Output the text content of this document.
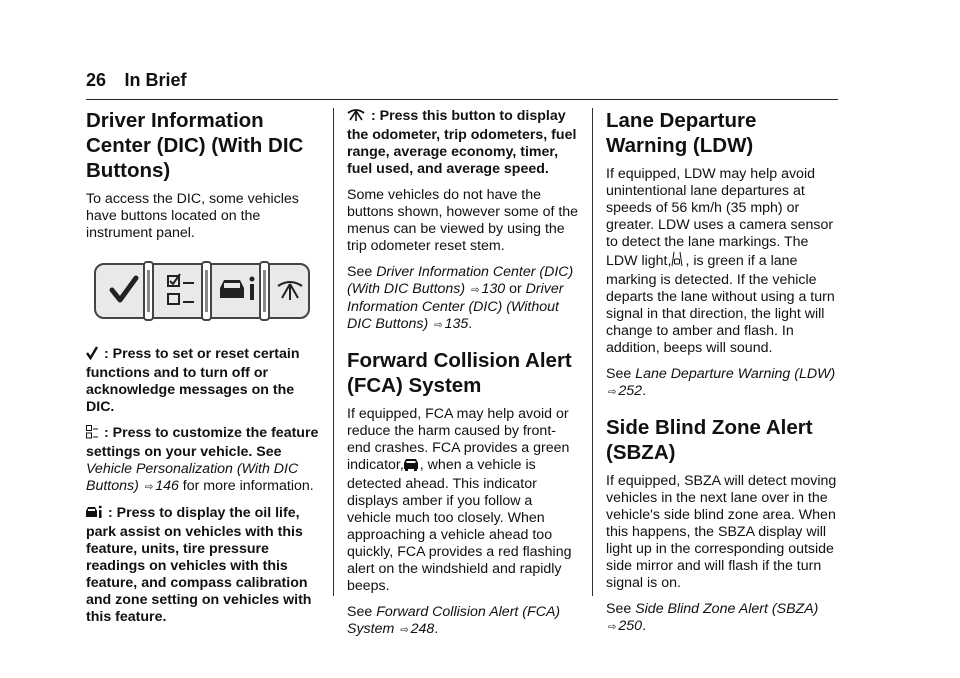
26 In Brief
Driver Information Center (DIC) (With DIC Buttons)

To access the DIC, some vehicles have buttons located on the instrument panel.

: Press to set or reset certain functions and to turn off or acknowledge messages on the DIC.

: Press to customize the feature settings on your vehicle. See Vehicle Personalization (With DIC Buttons) ⇨ 146 for more information.

: Press to display the oil life, park assist on vehicles with this feature, units, tire pressure readings on vehicles with this feature, and compass calibration and zone setting on vehicles with this feature.

: Press this button to display the odometer, trip odometers, fuel range, average economy, timer, fuel used, and average speed.

Some vehicles do not have the buttons shown, however some of the menus can be viewed by using the trip odometer reset stem.

See Driver Information Center (DIC) (With DIC Buttons) ⇨ 130 or Driver Information Center (DIC) (Without DIC Buttons) ⇨ 135.

Forward Collision Alert (FCA) System

If equipped, FCA may help avoid or reduce the harm caused by front-end crashes. FCA provides a green indicator, , when a vehicle is detected ahead. This indicator displays amber if you follow a vehicle much too closely. When approaching a vehicle ahead too quickly, FCA provides a red flashing alert on the windshield and rapidly beeps.

See Forward Collision Alert (FCA) System ⇨ 248.

Lane Departure Warning (LDW)

If equipped, LDW may help avoid unintentional lane departures at speeds of 56 km/h (35 mph) or greater. LDW uses a camera sensor to detect the lane markings. The LDW light, , is green if a lane marking is detected. If the vehicle departs the lane without using a turn signal in that direction, the light will change to amber and flash. In addition, beeps will sound.

See Lane Departure Warning (LDW) ⇨ 252.

Side Blind Zone Alert (SBZA)

If equipped, SBZA will detect moving vehicles in the next lane over in the vehicle's side blind zone area. When this happens, the SBZA display will light up in the corresponding outside side mirror and will flash if the turn signal is on.

See Side Blind Zone Alert (SBZA) ⇨ 250.
